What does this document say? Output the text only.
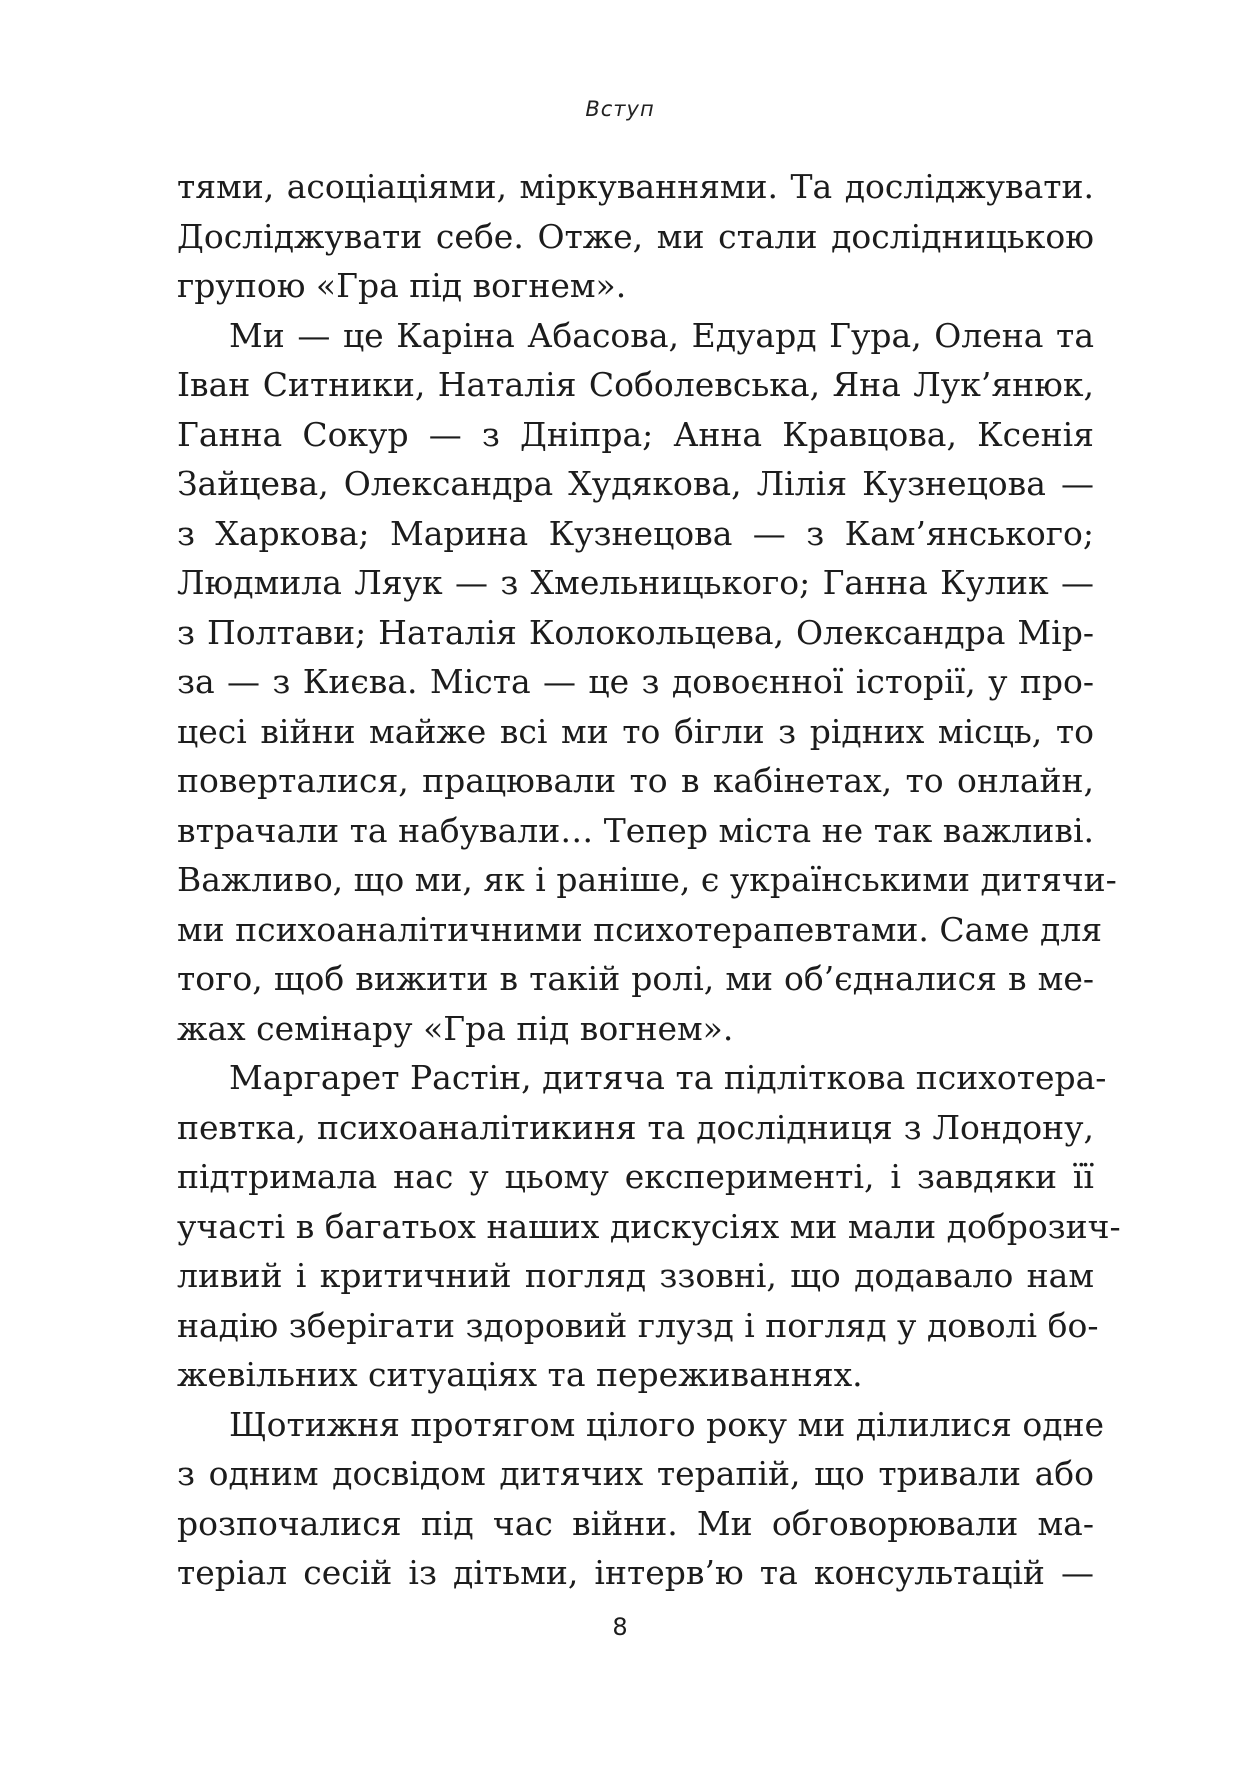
Вступ
тями, асоціаціями, міркуваннями. Та досліджувати.
Досліджувати себе. Отже, ми стали дослідницькою
групою «Гра під вогнем».
Ми — це Каріна Абасова, Едуард Гура, Олена та
Іван Ситники, Наталія Соболевська, Яна Лук’янюк,
Ганна Сокур — з Дніпра; Анна Кравцова, Ксенія
Зайцева, Олександра Худякова, Лілія Кузнецова —
з Харкова; Марина Кузнецова — з Кам’янського;
Людмила Ляук — з Хмельницького; Ганна Кулик —
з Полтави; Наталія Колокольцева, Олександра Мір-
за — з Києва. Міста — це з довоєнної історії, у про-
цесі війни майже всі ми то бігли з рідних місць, то
поверталися, працювали то в кабінетах, то онлайн,
втрачали та набували… Тепер міста не так важливі.
Важливо, що ми, як і раніше, є українськими дитячи-
ми психоаналітичними психотерапевтами. Саме для
того, щоб вижити в такій ролі, ми об’єдналися в ме-
жах семінару «Гра під вогнем».
Маргарет Растін, дитяча та підліткова психотера-
певтка, психоаналітикиня та дослідниця з Лондону,
підтримала нас у цьому експерименті, і завдяки її
участі в багатьох наших дискусіях ми мали доброзич-
ливий і критичний погляд ззовні, що додавало нам
надію зберігати здоровий глузд і погляд у доволі бо-
жевільних ситуаціях та переживаннях.
Щотижня протягом цілого року ми ділилися одне
з одним досвідом дитячих терапій, що тривали або
розпочалися під час війни. Ми обговорювали ма-
теріал сесій із дітьми, інтерв’ю та консультацій —
8
